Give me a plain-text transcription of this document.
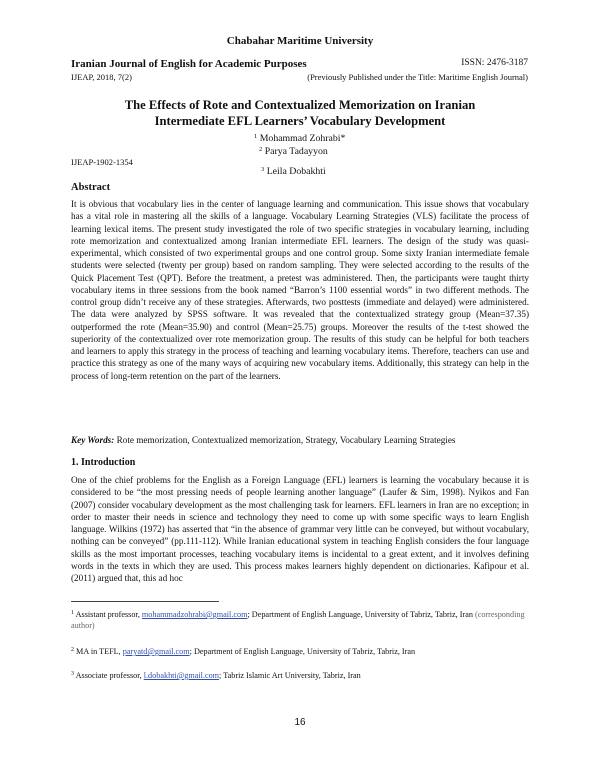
Chabahar Maritime University
Iranian Journal of English for Academic Purposes	ISSN: 2476-3187
IJEAP, 2018, 7(2)	(Previously Published under the Title: Maritime English Journal)
The Effects of Rote and Contextualized Memorization on Iranian
Intermediate EFL Learners’ Vocabulary Development
$^1$ Mohammad Zohrabi*
$^2$ Parya Tadayyon
IJEAP-1902-1354
$^3$ Leila Dobakhti
Abstract
It is obvious that vocabulary lies in the center of language learning and communication. This issue shows that vocabulary has a vital role in mastering all the skills of a language. Vocabulary Learning Strategies (VLS) facilitate the process of learning lexical items. The present study investigated the role of two specific strategies in vocabulary learning, including rote memorization and contextualized among Iranian intermediate EFL learners. The design of the study was quasi-experimental, which consisted of two experimental groups and one control group. Some sixty Iranian intermediate female students were selected (twenty per group) based on random sampling. They were selected according to the results of the Quick Placement Test (QPT). Before the treatment, a pretest was administered. Then, the participants were taught thirty vocabulary items in three sessions from the book named “Barron’s 1100 essential words” in two different methods. The control group didn’t receive any of these strategies. Afterwards, two posttests (immediate and delayed) were administered. The data were analyzed by SPSS software. It was revealed that the contextualized strategy group (Mean=37.35) outperformed the rote (Mean=35.90) and control (Mean=25.75) groups. Moreover the results of the t-test showed the superiority of the contextualized over rote memorization group. The results of this study can be helpful for both teachers and learners to apply this strategy in the process of teaching and learning vocabulary items. Therefore, teachers can use and practice this strategy as one of the many ways of acquiring new vocabulary items. Additionally, this strategy can help in the process of long-term retention on the part of the learners.
Key Words: Rote memorization, Contextualized memorization, Strategy, Vocabulary Learning Strategies
1. Introduction
One of the chief problems for the English as a Foreign Language (EFL) learners is learning the vocabulary because it is considered to be “the most pressing needs of people learning another language” (Laufer & Sim, 1998). Nyikos and Fan (2007) consider vocabulary development as the most challenging task for learners. EFL learners in Iran are no exception; in order to master their needs in science and technology they need to come up with some specific ways to learn English language. Wilkins (1972) has asserted that “in the absence of grammar very little can be conveyed, but without vocabulary, nothing can be conveyed” (pp.111-112). While Iranian educational system in teaching English considers the four language skills as the most important processes, teaching vocabulary items is incidental to a great extent, and it involves defining words in the texts in which they are used. This process makes learners highly dependent on dictionaries. Kafipour et al. (2011) argued that, this ad hoc
$^1$ Assistant professor, mohammadzohrabi@gmail.com; Department of English Language, University of Tabriz, Tabriz, Iran (corresponding author)
$^2$ MA in TEFL, paryatd@gmail.com; Department of English Language, University of Tabriz, Tabriz, Iran
$^3$ Associate professor, l.dobakhti@gmail.com; Tabriz Islamic Art University, Tabriz, Iran
16
